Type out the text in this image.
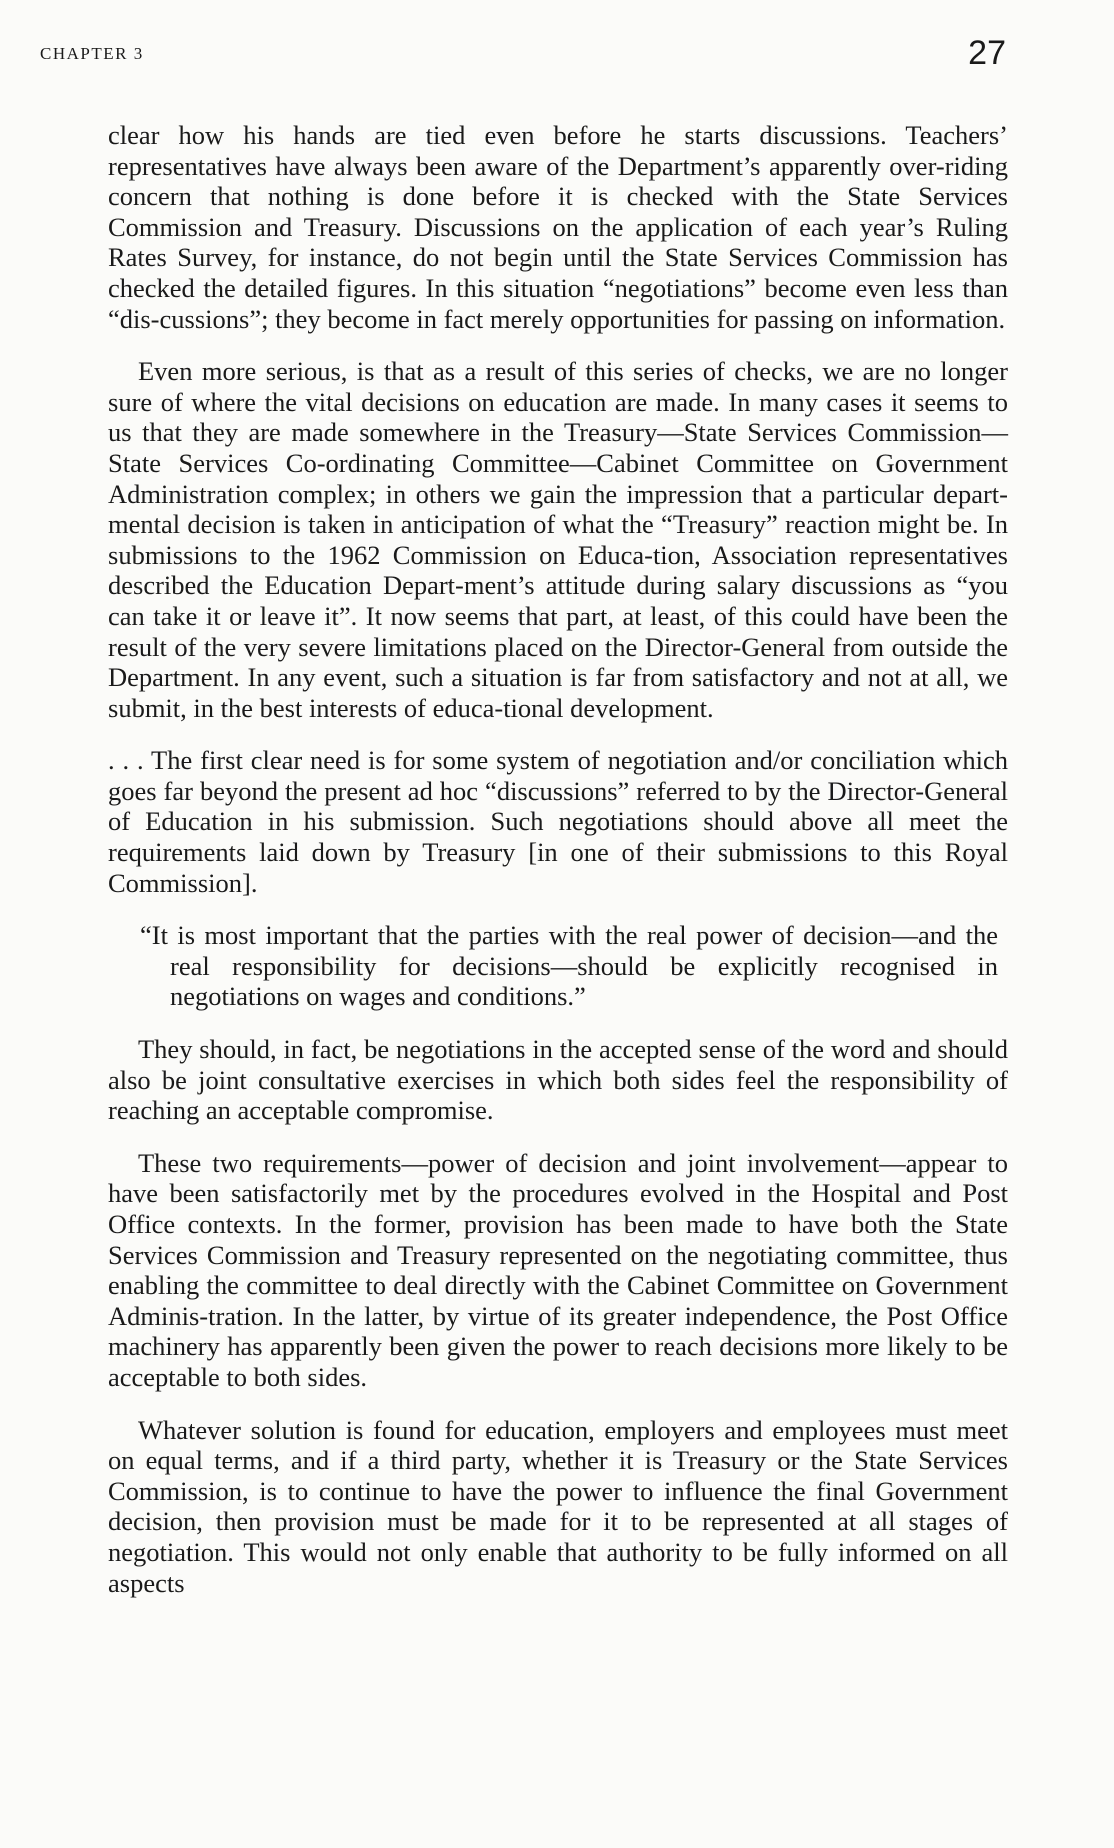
CHAPTER 3	27

clear how his hands are tied even before he starts discussions. Teachers’ representatives have always been aware of the Department’s apparently over-riding concern that nothing is done before it is checked with the State Services Commission and Treasury. Discussions on the application of each year’s Ruling Rates Survey, for instance, do not begin until the State Services Commission has checked the detailed figures. In this situation “negotiations” become even less than “dis-cussions”; they become in fact merely opportunities for passing on information.

Even more serious, is that as a result of this series of checks, we are no longer sure of where the vital decisions on education are made. In many cases it seems to us that they are made somewhere in the Treasury—State Services Commission—State Services Co-ordinating Committee—Cabinet Committee on Government Administration complex; in others we gain the impression that a particular depart-mental decision is taken in anticipation of what the “Treasury” reaction might be. In submissions to the 1962 Commission on Educa-tion, Association representatives described the Education Depart-ment’s attitude during salary discussions as “you can take it or leave it”. It now seems that part, at least, of this could have been the result of the very severe limitations placed on the Director-General from outside the Department. In any event, such a situation is far from satisfactory and not at all, we submit, in the best interests of educa-tional development.

. . . The first clear need is for some system of negotiation and/or conciliation which goes far beyond the present ad hoc “discussions” referred to by the Director-General of Education in his submission. Such negotiations should above all meet the requirements laid down by Treasury [in one of their submissions to this Royal Commission].

“It is most important that the parties with the real power of decision—and the real responsibility for decisions—should be explicitly recognised in negotiations on wages and conditions.”

They should, in fact, be negotiations in the accepted sense of the word and should also be joint consultative exercises in which both sides feel the responsibility of reaching an acceptable compromise.

These two requirements—power of decision and joint involvement—appear to have been satisfactorily met by the procedures evolved in the Hospital and Post Office contexts. In the former, provision has been made to have both the State Services Commission and Treasury represented on the negotiating committee, thus enabling the committee to deal directly with the Cabinet Committee on Government Adminis-tration. In the latter, by virtue of its greater independence, the Post Office machinery has apparently been given the power to reach decisions more likely to be acceptable to both sides.

Whatever solution is found for education, employers and employees must meet on equal terms, and if a third party, whether it is Treasury or the State Services Commission, is to continue to have the power to influence the final Government decision, then provision must be made for it to be represented at all stages of negotiation. This would not only enable that authority to be fully informed on all aspects
